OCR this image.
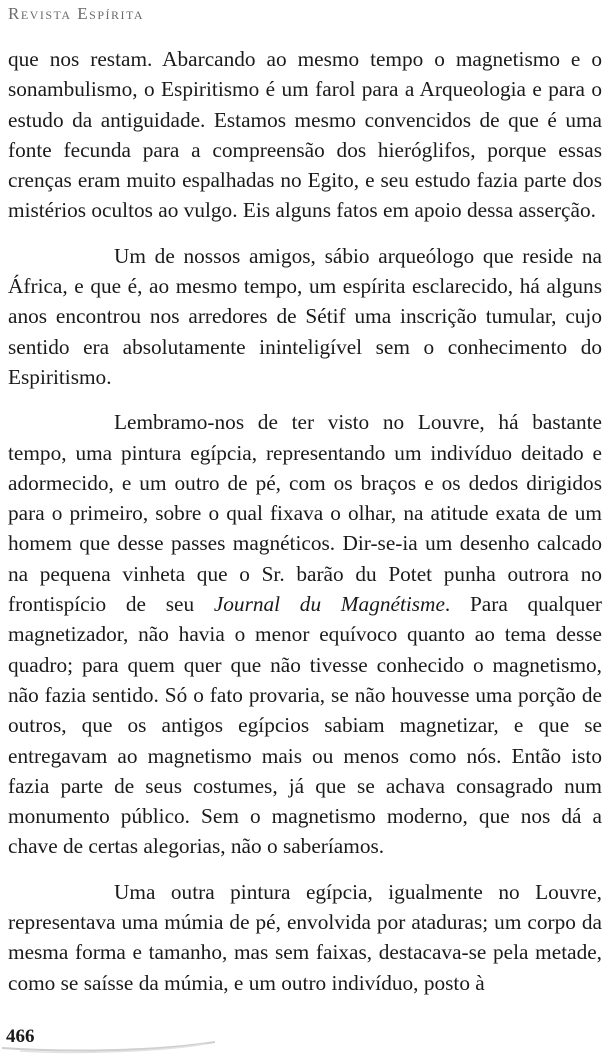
Revista Espírita

que nos restam. Abarcando ao mesmo tempo o magnetismo e o sonambulismo, o Espiritismo é um farol para a Arqueologia e para o estudo da antiguidade. Estamos mesmo convencidos de que é uma fonte fecunda para a compreensão dos hieróglifos, porque essas crenças eram muito espalhadas no Egito, e seu estudo fazia parte dos mistérios ocultos ao vulgo. Eis alguns fatos em apoio dessa asserção.

Um de nossos amigos, sábio arqueólogo que reside na África, e que é, ao mesmo tempo, um espírita esclarecido, há alguns anos encontrou nos arredores de Sétif uma inscrição tumular, cujo sentido era absolutamente ininteligível sem o conhecimento do Espiritismo.

Lembramo-nos de ter visto no Louvre, há bastante tempo, uma pintura egípcia, representando um indivíduo deitado e adormecido, e um outro de pé, com os braços e os dedos dirigidos para o primeiro, sobre o qual fixava o olhar, na atitude exata de um homem que desse passes magnéticos. Dir-se-ia um desenho calcado na pequena vinheta que o Sr. barão du Potet punha outrora no frontispício de seu Journal du Magnétisme. Para qualquer magnetizador, não havia o menor equívoco quanto ao tema desse quadro; para quem quer que não tivesse conhecido o magnetismo, não fazia sentido. Só o fato provaria, se não houvesse uma porção de outros, que os antigos egípcios sabiam magnetizar, e que se entregavam ao magnetismo mais ou menos como nós. Então isto fazia parte de seus costumes, já que se achava consagrado num monumento público. Sem o magnetismo moderno, que nos dá a chave de certas alegorias, não o saberíamos.

Uma outra pintura egípcia, igualmente no Louvre, representava uma múmia de pé, envolvida por ataduras; um corpo da mesma forma e tamanho, mas sem faixas, destacava-se pela metade, como se saísse da múmia, e um outro indivíduo, posto à

466
